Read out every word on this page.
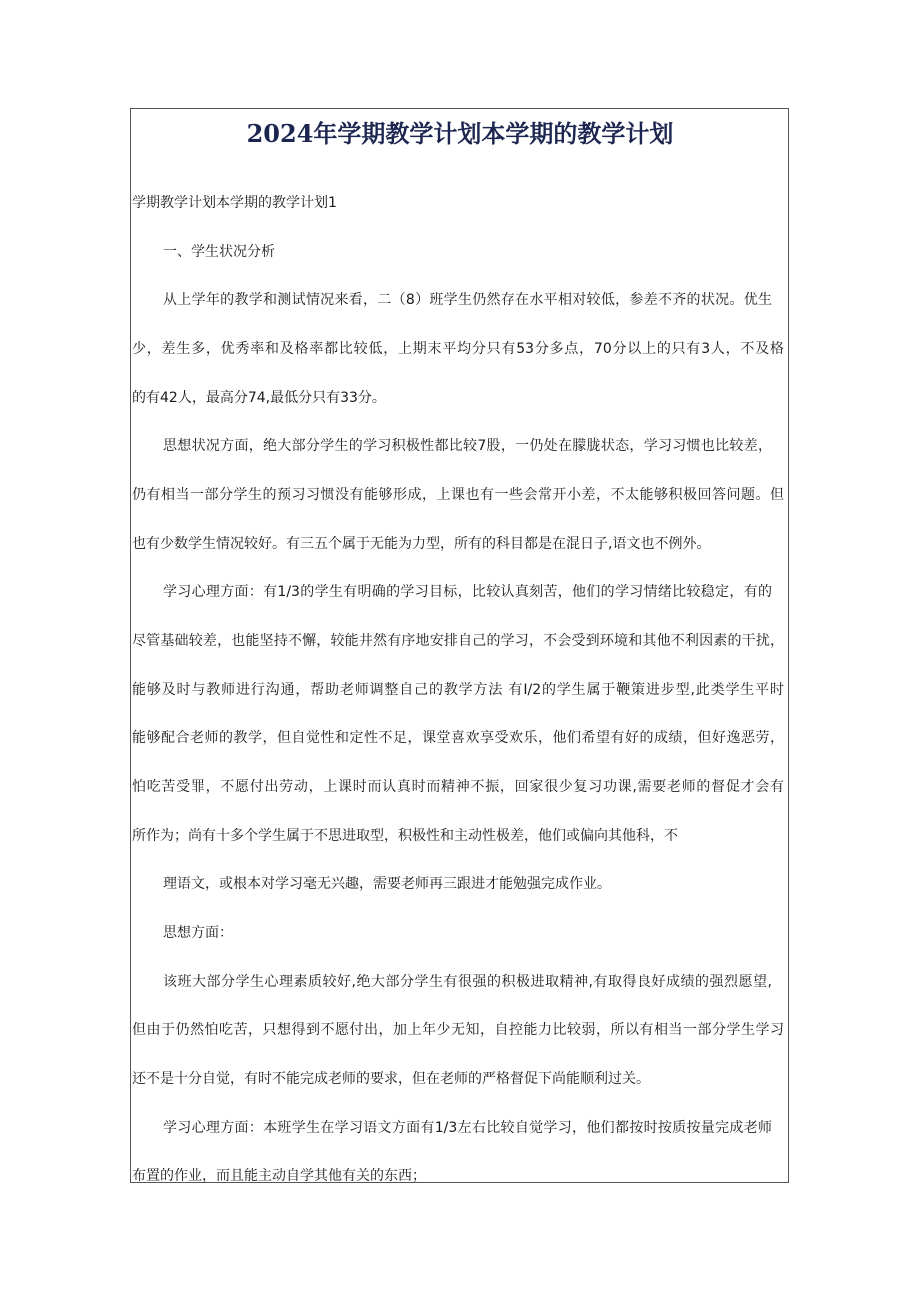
2024年学期教学计划本学期的教学计划
学期教学计划本学期的教学计划1
一、学生状况分析
从上学年的教学和测试情况来看，二（8）班学生仍然存在水平相对较低，参差不齐的状况。优生
少，差生多，优秀率和及格率都比较低，上期末平均分只有53分多点，70分以上的只有3人，不及格
的有42人，最高分74,最低分只有33分。
思想状况方面，绝大部分学生的学习积极性都比较7股，一仍处在朦胧状态，学习习惯也比较差，
仍有相当一部分学生的预习习惯没有能够形成，上课也有一些会常开小差，不太能够积极回答问题。但
也有少数学生情况较好。有三五个属于无能为力型，所有的科目都是在混日子,语文也不例外。
学习心理方面：有1/3的学生有明确的学习目标，比较认真刻苦，他们的学习情绪比较稳定，有的
尽管基础较差，也能坚持不懈，较能井然有序地安排自己的学习，不会受到环境和其他不利因素的干扰，
能够及时与教师进行沟通，帮助老师调整自己的教学方法 有I/2的学生属于鞭策进步型,此类学生平时
能够配合老师的教学，但自觉性和定性不足，课堂喜欢享受欢乐，他们希望有好的成绩，但好逸恶劳，
怕吃苦受罪，不愿付出劳动，上课时而认真时而精神不振，回家很少复习功课,需要老师的督促才会有
所作为；尚有十多个学生属于不思进取型，积极性和主动性极差，他们或偏向其他科，不
理语文，或根本对学习毫无兴趣，需要老师再三跟进才能勉强完成作业。
思想方面：
该班大部分学生心理素质较好,绝大部分学生有很强的积极进取精神,有取得良好成绩的强烈愿望,
但由于仍然怕吃苦，只想得到不愿付出，加上年少无知，自控能力比较弱，所以有相当一部分学生学习
还不是十分自觉，有时不能完成老师的要求，但在老师的严格督促下尚能顺利过关。
学习心理方面：本班学生在学习语文方面有1/3左右比较自觉学习，他们都按时按质按量完成老师
布置的作业，而且能主动自学其他有关的东西；
